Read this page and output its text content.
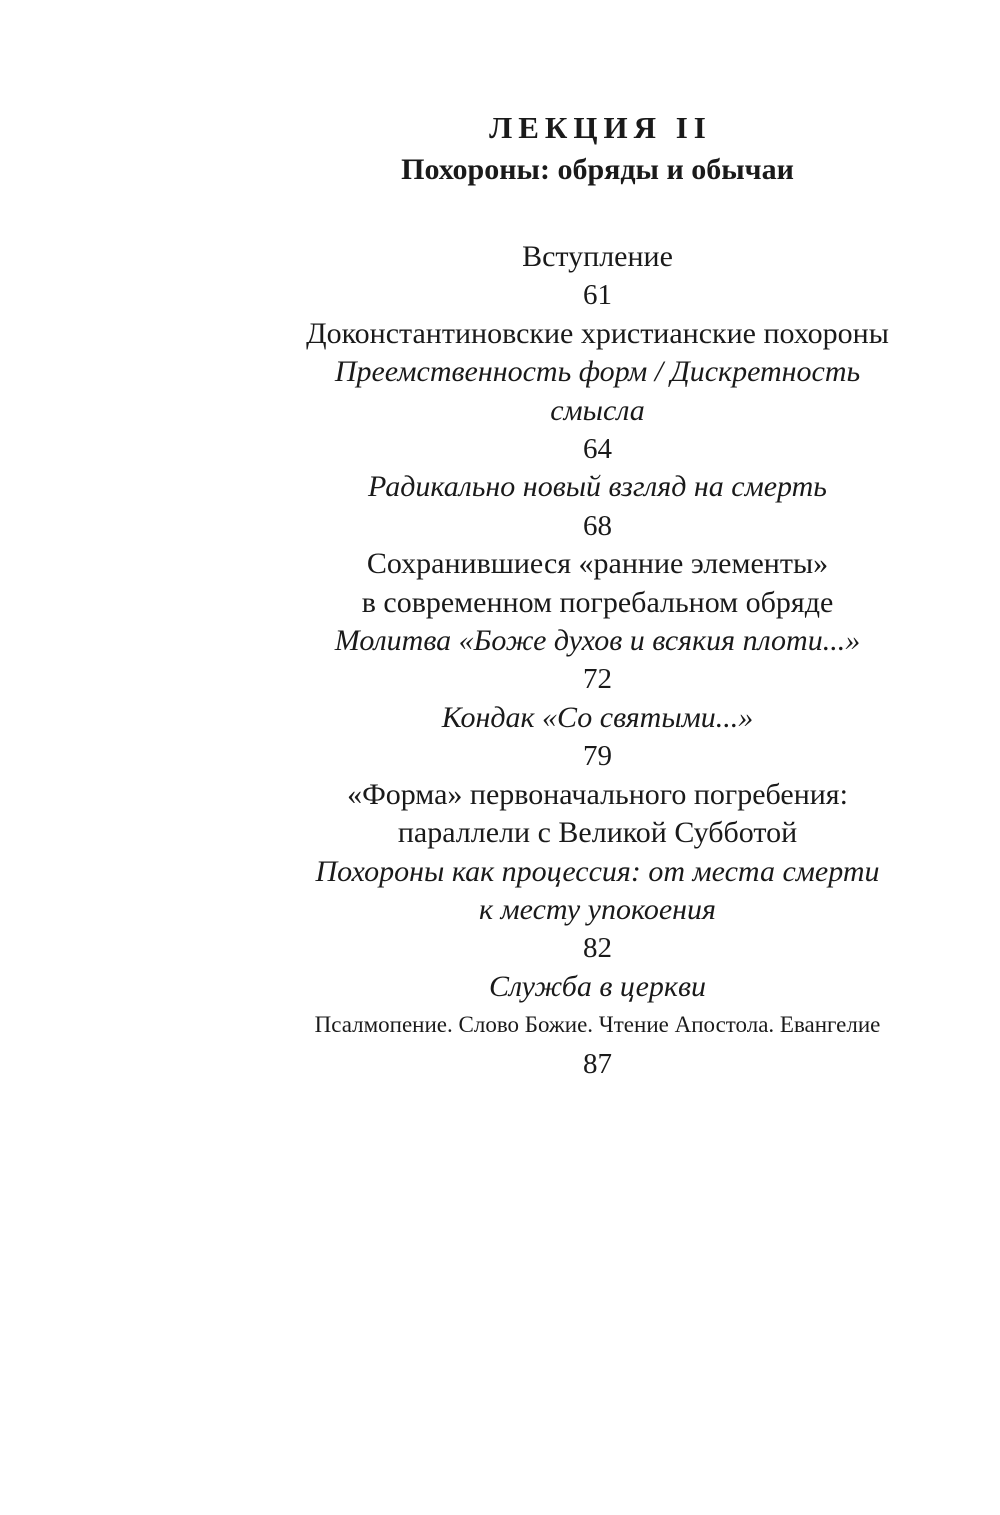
ЛЕКЦИЯ II
Похороны: обряды и обычаи
Вступление
61
Доконстантиновские христианские похороны
Преемственность форм / Дискретность
смысла
64
Радикально новый взгляд на смерть
68
Сохранившиеся «ранние элементы»
в современном погребальном обряде
Молитва «Боже духов и всякия плоти...»
72
Кондак «Со святыми...»
79
«Форма» первоначального погребения:
параллели с Великой Субботой
Похороны как процессия: от места смерти
к месту упокоения
82
Служба в церкви
Псалмопение. Слово Божие. Чтение Апостола. Евангелие
87
